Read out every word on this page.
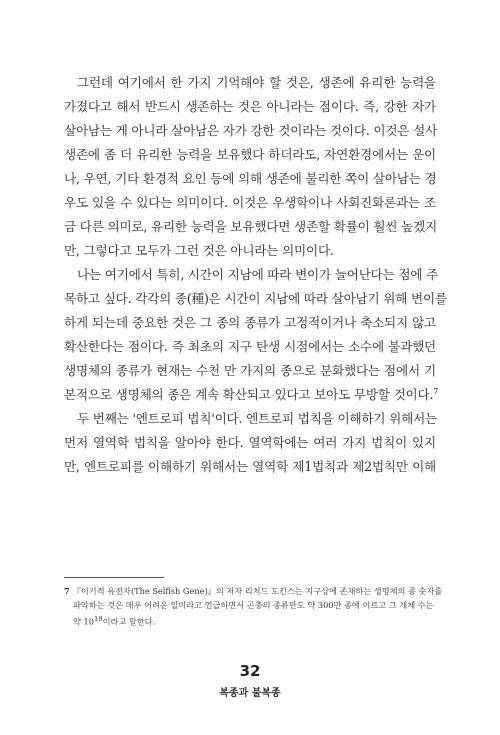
그런데 여기에서 한 가지 기억해야 할 것은, 생존에 유리한 능력을
가졌다고 해서 반드시 생존하는 것은 아니라는 점이다. 즉, 강한 자가
살아남는 게 아니라 살아남은 자가 강한 것이라는 것이다. 이것은 설사
생존에 좀 더 유리한 능력을 보유했다 하더라도, 자연환경에서는 운이
나, 우연, 기타 환경적 요인 등에 의해 생존에 불리한 쪽이 살아남는 경
우도 있을 수 있다는 의미이다. 이것은 우생학이나 사회진화론과는 조
금 다른 의미로, 유리한 능력을 보유했다면 생존할 확률이 훨씬 높겠지
만, 그렇다고 모두가 그런 것은 아니라는 의미이다.
나는 여기에서 특히, 시간이 지남에 따라 변이가 늘어난다는 점에 주
목하고 싶다. 각각의 종(種)은 시간이 지남에 따라 살아남기 위해 변이를
하게 되는데 중요한 것은 그 종의 종류가 고정적이거나 축소되지 않고
확산한다는 점이다. 즉 최초의 지구 탄생 시점에서는 소수에 불과했던
생명체의 종류가 현재는 수천 만 가지의 종으로 분화했다는 점에서 기
본적으로 생명체의 종은 계속 확산되고 있다고 보아도 무방할 것이다.$^7$
두 번째는 '엔트로피 법칙'이다. 엔트로피 법칙을 이해하기 위해서는
먼저 열역학 법칙을 알아야 한다. 열역학에는 여러 가지 법칙이 있지
만, 엔트로피를 이해하기 위해서는 열역학 제1법칙과 제2법칙만 이해
7 『이기적 유전자(The Selfish Gene)』의 저자 리처드 도킨스는 지구상에 존재하는 생명체의 종 숫자를
파악하는 것은 매우 어려운 일이라고 언급하면서 곤충의 종류만도 약 300만 종에 이르고 그 개체 수는
약 $10^{18}$이라고 말한다.
32
복종과 불복종
